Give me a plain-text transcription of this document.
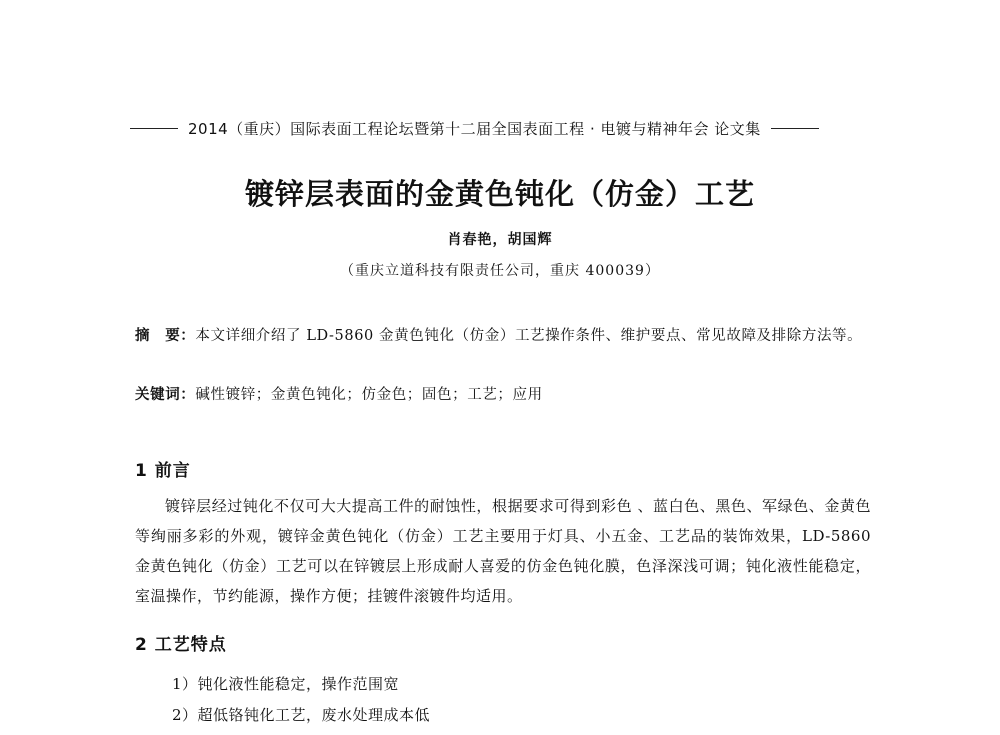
2014（重庆）国际表面工程论坛暨第十二届全国表面工程 · 电镀与精神年会 论文集
镀锌层表面的金黄色钝化（仿金）工艺
肖春艳，胡国辉
（重庆立道科技有限责任公司，重庆 400039）
摘　要：本文详细介绍了 LD-5860 金黄色钝化（仿金）工艺操作条件、维护要点、常见故障及排除方法等。
关键词：碱性镀锌；金黄色钝化；仿金色；固色；工艺；应用
1 前言
镀锌层经过钝化不仅可大大提高工件的耐蚀性，根据要求可得到彩色 、蓝白色、黑色、军绿色、金黄色等绚丽多彩的外观，镀锌金黄色钝化（仿金）工艺主要用于灯具、小五金、工艺品的装饰效果，LD-5860 金黄色钝化（仿金）工艺可以在锌镀层上形成耐人喜爱的仿金色钝化膜，色泽深浅可调；钝化液性能稳定，室温操作，节约能源，操作方便；挂镀件滚镀件均适用。
2 工艺特点
1）钝化液性能稳定，操作范围宽
2）超低铬钝化工艺，废水处理成本低
